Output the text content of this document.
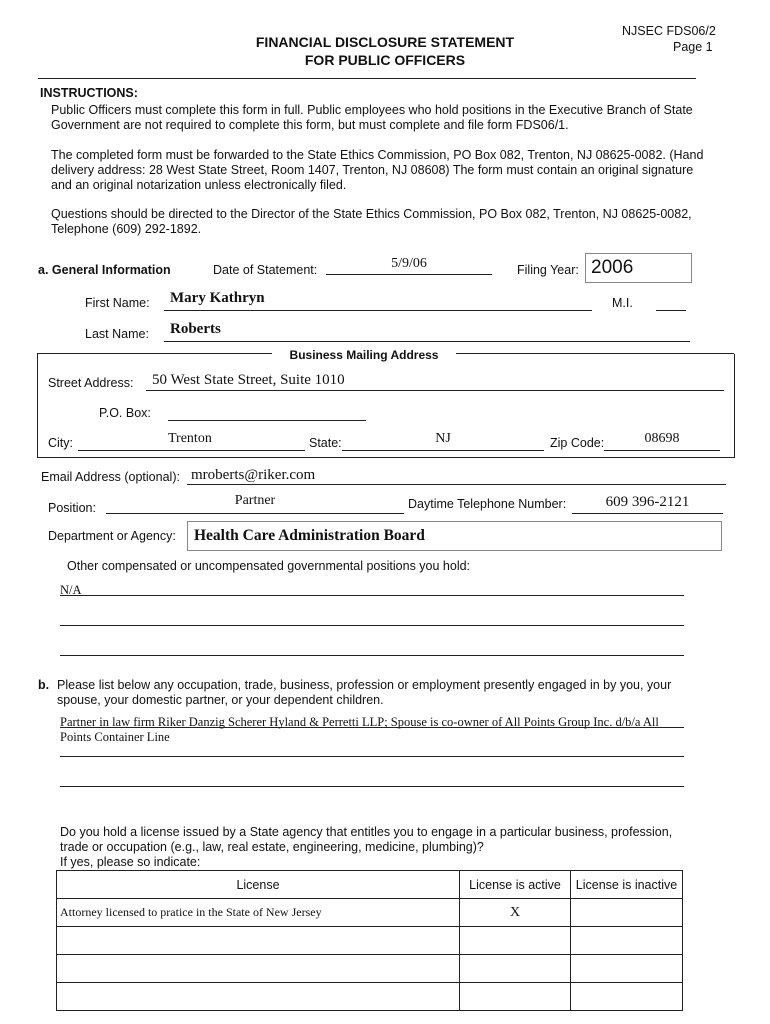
NJSEC FDS06/2
Page 1
FINANCIAL DISCLOSURE STATEMENT
FOR PUBLIC OFFICERS
INSTRUCTIONS:
Public Officers must complete this form in full. Public employees who hold positions in the Executive Branch of State
Government are not required to complete this form, but must complete and file form FDS06/1.
The completed form must be forwarded to the State Ethics Commission, PO Box 082, Trenton, NJ 08625-0082. (Hand
delivery address: 28 West State Street, Room 1407, Trenton, NJ 08608) The form must contain an original signature
and an original notarization unless electronically filed.
Questions should be directed to the Director of the State Ethics Commission, PO Box 082, Trenton, NJ 08625-0082,
Telephone (609) 292-1892.
a. General Information	Date of Statement:	5/9/06	Filing Year: 2006
First Name: Mary Kathryn	M.I.
Last Name: Roberts
Business Mailing Address
Street Address: 50 West State Street, Suite 1010
P.O. Box:
City:	Trenton	State:	NJ	Zip Code:	08698
Email Address (optional): mroberts@riker.com
Position:	Partner	Daytime Telephone Number:	609 396-2121
Department or Agency: Health Care Administration Board
Other compensated or uncompensated governmental positions you hold:
N/A
b. Please list below any occupation, trade, business, profession or employment presently engaged in by you, your
spouse, your domestic partner, or your dependent children.
Partner in law firm Riker Danzig Scherer Hyland & Perretti LLP; Spouse is co-owner of All Points Group Inc. d/b/a All
Points Container Line
Do you hold a license issued by a State agency that entitles you to engage in a particular business, profession,
trade or occupation (e.g., law, real estate, engineering, medicine, plumbing)?
If yes, please so indicate:
License	License is active	License is inactive
Attorney licensed to pratice in the State of New Jersey	X	
